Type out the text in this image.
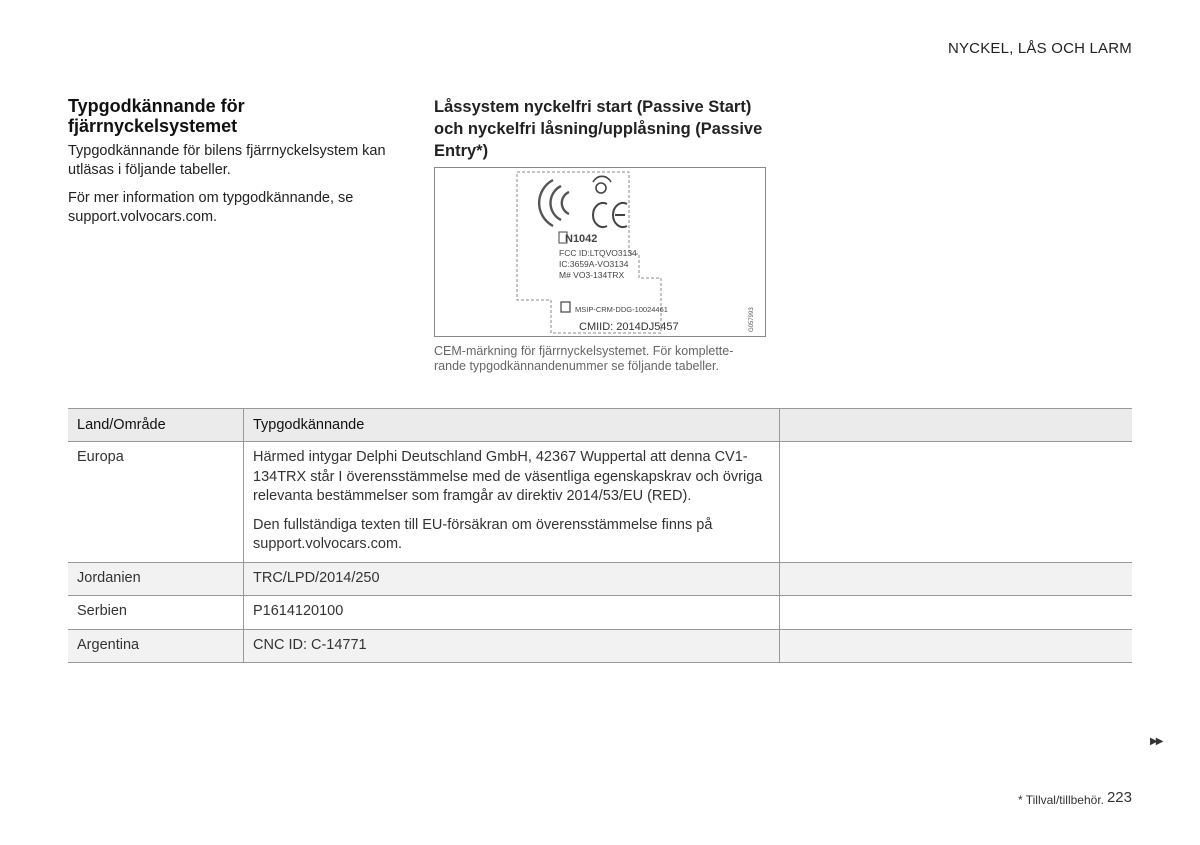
NYCKEL, LÅS OCH LARM
Typgodkännande för fjärrnyckelsystemet

Typgodkännande för bilens fjärrnyckelsystem kan utläsas i följande tabeller.

För mer information om typgodkännande, se support.volvocars.com.

Låssystem nyckelfri start (Passive Start) och nyckelfri låsning/upplåsning (Passive Entry*)
N1042
FCC ID:LTQVO3134
IC:3659A-VO3134
M# VO3-134TRX
MSIP-CRM-DDG-10024461
CMIID: 2014DJ5457	G057993
CEM-märkning för fjärrnyckelsystemet. För komplette-rande typgodkännandenummer se följande tabeller.
Land/Område	Typgodkännande	
Europa	Härmed intygar Delphi Deutschland GmbH, 42367 Wuppertal att denna CV1-134TRX står I överensstämmelse med de väsentliga egenskapskrav och övriga relevanta bestämmelser som framgår av direktiv 2014/53/EU (RED).
Den fullständiga texten till EU-försäkran om överensstämmelse finns på support.volvocars.com.	

Jordanien	TRC/LPD/2014/250	
Serbien	P1614120100	
Argentina	CNC ID: C-14771	
▶▶
* Tillval/tillbehör. 223
